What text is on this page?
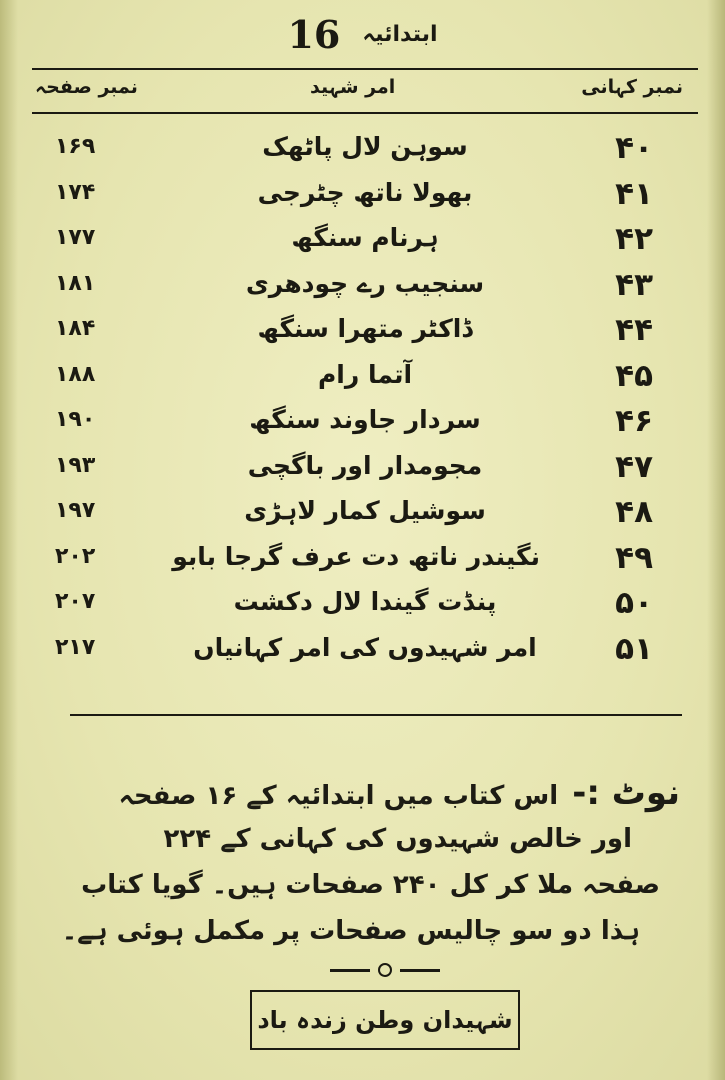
16 ابتدائیہ
نمبر کہانی
امر شہید
نمبر صفحہ
۴۰
سوہن لال پاٹھک
۱۶۹
۴۱
بھولا ناتھ چٹرجی
۱۷۴
۴۲
ہرنام سنگھ
۱۷۷
۴۳
سنجیب رے چودھری
۱۸۱
۴۴
ڈاکٹر متھرا سنگھ
۱۸۴
۴۵
آتما رام
۱۸۸
۴۶
سردار جاوند سنگھ
۱۹۰
۴۷
مجومدار اور باگچی
۱۹۳
۴۸
سوشیل کمار لاہڑی
۱۹۷
۴۹
نگیندر ناتھ دت عرف گرجا بابو
۲۰۲
۵۰
پنڈت گیندا لال دکشت
۲۰۷
۵۱
امر شہیدوں کی امر کہانیاں
۲۱۷
نوٹ :-اس کتاب میں ابتدائیہ کے ۱۶ صفحہ
اور خالص شہیدوں کی کہانی کے ۲۲۴
صفحہ ملا کر کل ۲۴۰ صفحات ہیں۔ گویا کتاب
ہذا دو سو چالیس صفحات پر مکمل ہوئی ہے۔
شہیدان وطن زندہ باد
